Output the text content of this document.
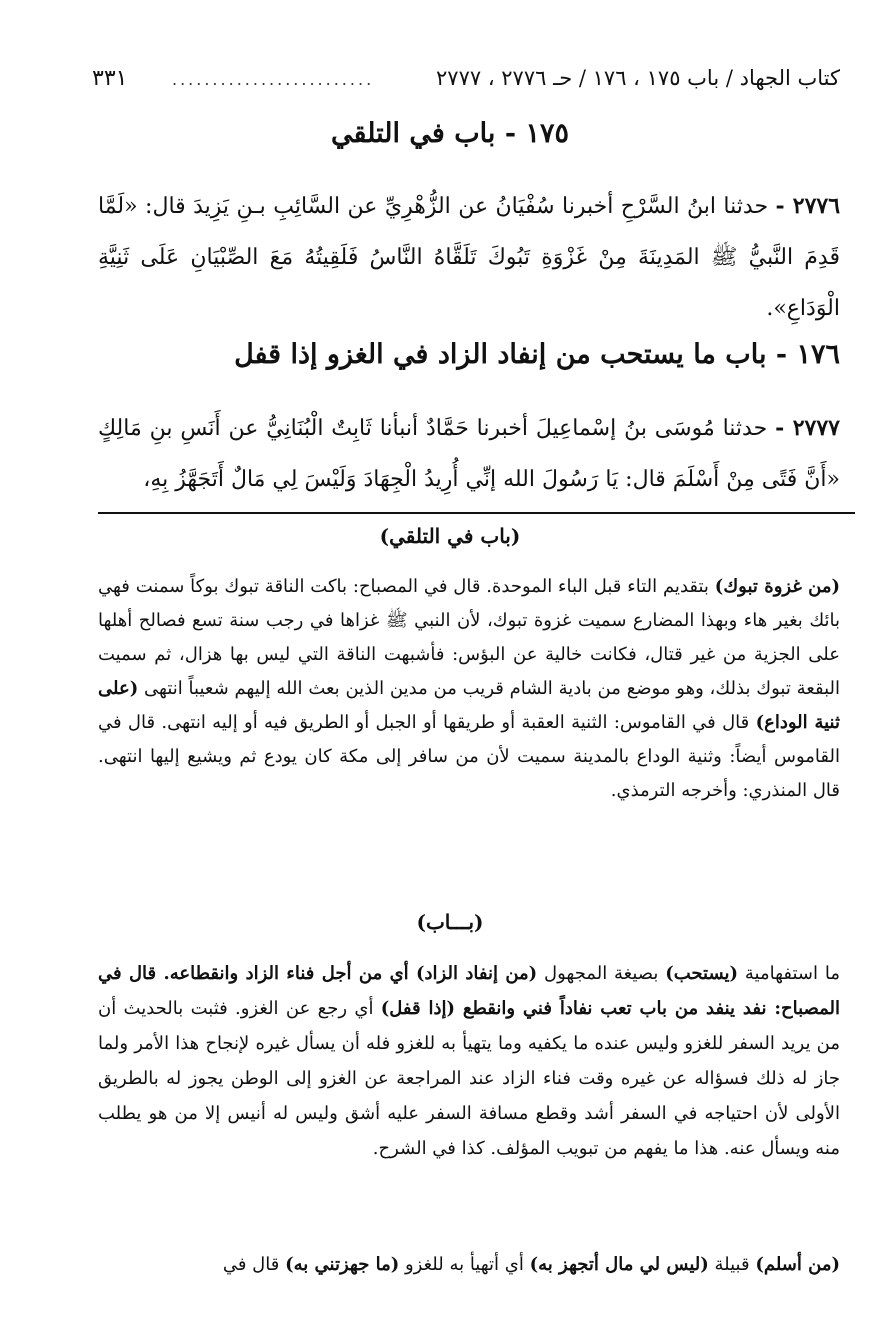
كتاب الجهاد / باب ١٧٥ ، ١٧٦ / حـ ٢٧٧٦ ، ٢٧٧٧
.........................
٣٣١
١٧٥ - باب في التلقي
٢٧٧٦ - حدثنا ابنُ السَّرْحِ أخبرنا سُفْيَانُ عن الزُّهْرِيِّ عن السَّائِبِ بـنِ يَزِيدَ قال: «لَمَّا قَدِمَ النَّبيُّ ﷺ المَدِينَةَ مِنْ غَزْوَةِ تَبُوكَ تَلَقَّاهُ النَّاسُ فَلَقِيتُهُ مَعَ الصِّبْيَانِ عَلَى ثَنِيَّةِ الْوَدَاعِ».
١٧٦ - باب ما يستحب من إنفاد الزاد في الغزو إذا قفل
٢٧٧٧ - حدثنا مُوسَى بنُ إسْماعِيلَ أخبرنا حَمَّادٌ أنبأنا ثَابِتٌ الْبُنَانِيُّ عن أَنَسِ بنِ مَالِكٍ «أَنَّ فَتًى مِنْ أَسْلَمَ قال: يَا رَسُولَ الله إنِّي أُرِيدُ الْجِهَادَ وَلَيْسَ لِي مَالٌ أَتَجَهَّزُ بِهِ،
(باب في التلقي)
(من غزوة تبوك) بتقديم التاء قبل الباء الموحدة. قال في المصباح: باكت الناقة تبوك بوكاً سمنت فهي بائك بغير هاء وبهذا المضارع سميت غزوة تبوك، لأن النبي ﷺ غزاها في رجب سنة تسع فصالح أهلها على الجزية من غير قتال، فكانت خالية عن البؤس: فأشبهت الناقة التي ليس بها هزال، ثم سميت البقعة تبوك بذلك، وهو موضع من بادية الشام قريب من مدين الذين بعث الله إليهم شعيباً انتهى (على ثنية الوداع) قال في القاموس: الثنية العقبة أو طريقها أو الجبل أو الطريق فيه أو إليه انتهى. قال في القاموس أيضاً: وثنية الوداع بالمدينة سميت لأن من سافر إلى مكة كان يودع ثم ويشيع إليها انتهى. قال المنذري: وأخرجه الترمذي.
(بـــاب)
ما استفهامية (يستحب) بصيغة المجهول (من إنفاد الزاد) أي من أجل فناء الزاد وانقطاعه. قال في المصباح: نفد ينفد من باب تعب نفاداً فني وانقطع (إذا قفل) أي رجع عن الغزو. فثبت بالحديث أن من يريد السفر للغزو وليس عنده ما يكفيه وما يتهيأ به للغزو فله أن يسأل غيره لإنجاح هذا الأمر ولما جاز له ذلك فسؤاله عن غيره وقت فناء الزاد عند المراجعة عن الغزو إلى الوطن يجوز له بالطريق الأولى لأن احتياجه في السفر أشد وقطع مسافة السفر عليه أشق وليس له أنيس إلا من هو يطلب منه ويسأل عنه. هذا ما يفهم من تبويب المؤلف. كذا في الشرح.
(من أسلم) قبيلة (ليس لي مال أتجهز به) أي أتهيأ به للغزو (ما جهزتني به) قال في
